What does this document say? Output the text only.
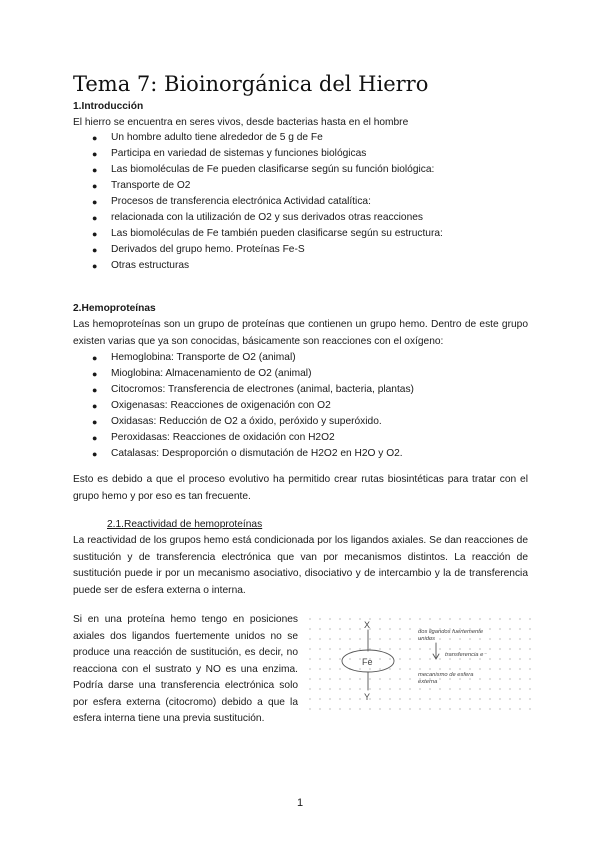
Tema 7: Bioinorgánica del Hierro
1.Introducción
El hierro se encuentra en seres vivos, desde bacterias hasta en el hombre
● Un hombre adulto tiene alrededor de 5 g de Fe
● Participa en variedad de sistemas y funciones biológicas
● Las biomoléculas de Fe pueden clasificarse según su función biológica:
● Transporte de O2
● Procesos de transferencia electrónica Actividad catalítica:
● relacionada con la utilización de O2 y sus derivados otras reacciones
● Las biomoléculas de Fe también pueden clasificarse según su estructura:
● Derivados del grupo hemo. Proteínas Fe-S
● Otras estructuras
2.Hemoproteínas
Las hemoproteínas son un grupo de proteínas que contienen un grupo hemo. Dentro de este grupo existen varias que ya son conocidas, básicamente son reacciones con el oxígeno:
● Hemoglobina: Transporte de O2 (animal)
● Mioglobina: Almacenamiento de O2 (animal)
● Citocromos: Transferencia de electrones (animal, bacteria, plantas)
● Oxigenasas: Reacciones de oxigenación con O2
● Oxidasas: Reducción de O2 a óxido, peróxido y superóxido.
● Peroxidasas: Reacciones de oxidación con H2O2
● Catalasas: Desproporción o dismutación de H2O2 en H2O y O2.
Esto es debido a que el proceso evolutivo ha permitido crear rutas biosintéticas para tratar con el grupo hemo y por eso es tan frecuente.
2.1.Reactividad de hemoproteínas
La reactividad de los grupos hemo está condicionada por los ligandos axiales. Se dan reacciones de sustitución y de transferencia electrónica que van por mecanismos distintos. La reacción de sustitución puede ir por un mecanismo asociativo, disociativo y de intercambio y la de transferencia puede ser de esfera externa o interna.
Si en una proteína hemo tengo en posiciones axiales dos ligandos fuertemente unidos no se produce una reacción de sustitución, es decir, no reacciona con el sustrato y NO es una enzima. Podría darse una transferencia electrónica solo por esfera externa (citocromo) debido a que la esfera interna tiene una previa sustitución.
X
Fe
Y
dos ligandos fuertemente
unidos
transferencia e⁻
mecanismo de esfera
externa
1
